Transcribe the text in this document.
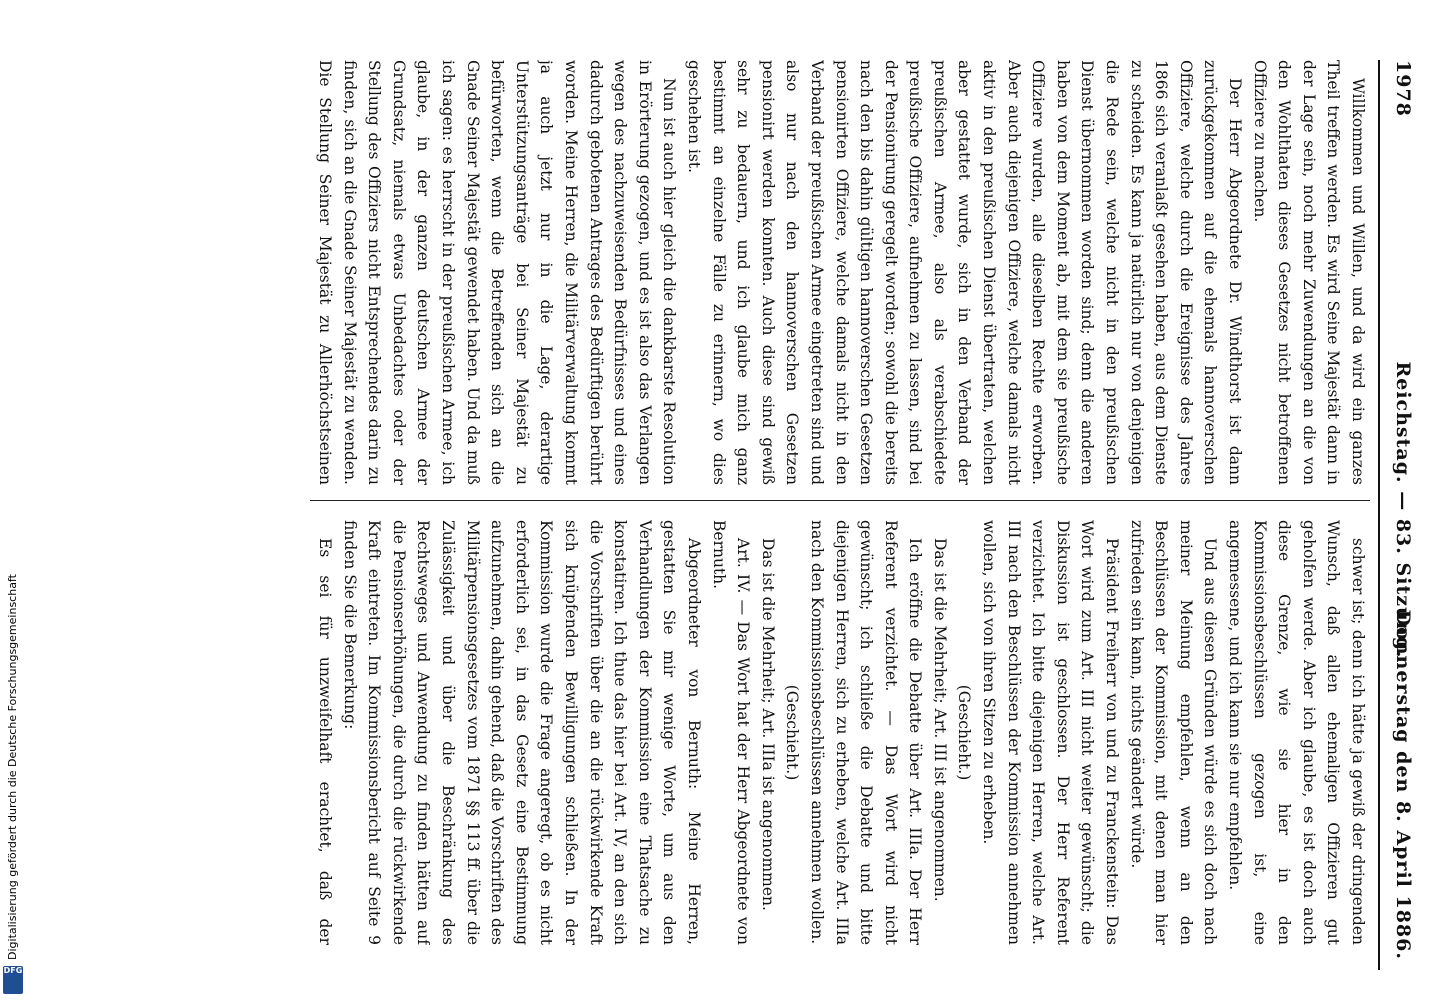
1978
Reichstag. — 83. Sitzung.
Donnerstag den 8. April 1886.

Willkommen und Willen, und da wird ein ganzes Theil treffen werden. Es wird Seine Majestät dann in der Lage sein, noch mehr Zuwendungen an die von den Wohlthaten dieses Gesetzes nicht betroffenen Offiziere zu machen.

Der Herr Abgeordnete Dr. Windthorst ist dann zurückgekommen auf die ehemals hannoverschen Offiziere, welche durch die Ereignisse des Jahres 1866 sich veranlaßt gesehen haben, aus dem Dienste zu scheiden. Es kann ja natürlich nur von denjenigen die Rede sein, welche nicht in den preußischen Dienst übernommen worden sind; denn die anderen haben von dem Moment ab, mit dem sie preußische Offiziere wurden, alle dieselben Rechte erworben. Aber auch diejenigen Offiziere, welche damals nicht aktiv in den preußischen Dienst übertraten, welchen aber gestattet wurde, sich in den Verband der preußischen Armee, also als verabschiedete preußische Offiziere, aufnehmen zu lassen, sind bei der Pensionirung geregelt worden; sowohl die bereits nach den bis dahin gültigen hannoverschen Gesetzen pensionirten Offiziere, welche damals nicht in den Verband der preußischen Armee eingetreten sind und also nur nach den hannoverschen Gesetzen pensionirt werden konnten. Auch diese sind gewiß sehr zu bedauern, und ich glaube mich ganz bestimmt an einzelne Fälle zu erinnern, wo dies geschehen ist.

Nun ist auch hier gleich die dankbarste Resolution in Erörterung gezogen, und es ist also das Verlangen wegen des nachzuweisenden Bedürfnisses und eines dadurch gebotenen Antrages des Bedürftigen berührt worden. Meine Herren, die Militärverwaltung kommt ja auch jetzt nur in die Lage, derartige Unterstützungsanträge bei Seiner Majestät zu befürworten, wenn die Betreffenden sich an die Gnade Seiner Majestät gewendet haben. Und da muß ich sagen: es herrscht in der preußischen Armee, ich glaube, in der ganzen deutschen Armee der Grundsatz, niemals etwas Unbedachtes oder der Stellung des Offiziers nicht Entsprechendes darin zu finden, sich an die Gnade Seiner Majestät zu wenden. Die Stellung Seiner Majestät zu Allerhöchstseinen

schwer ist; denn ich hätte ja gewiß der dringenden Wunsch, daß allen ehemaligen Offizieren gut geholfen werde. Aber ich glaube, es ist doch auch diese Grenze, wie sie hier in den Kommissionsbeschlüssen gezogen ist, eine angemessene, und ich kann sie nur empfehlen.

Und aus diesen Gründen würde es sich doch nach meiner Meinung empfehlen, wenn an den Beschlüssen der Kommission, mit denen man hier zufrieden sein kann, nichts geändert würde.

Präsident Freiherr von und zu Franckenstein: Das Wort wird zum Art. III nicht weiter gewünscht; die Diskussion ist geschlossen. Der Herr Referent verzichtet. Ich bitte diejenigen Herren, welche Art. III nach den Beschlüssen der Kommission annehmen wollen, sich von ihren Sitzen zu erheben.

(Geschieht.)

Das ist die Mehrheit; Art. III ist angenommen.

Ich eröffne die Debatte über Art. IIIa. Der Herr Referent verzichtet. — Das Wort wird nicht gewünscht; ich schließe die Debatte und bitte diejenigen Herren, sich zu erheben, welche Art. IIIa nach den Kommissionsbeschlüssen annehmen wollen.

(Geschieht.)

Das ist die Mehrheit; Art. IIIa ist angenommen.

Art. IV. — Das Wort hat der Herr Abgeordnete von Bernuth.

Abgeordneter von Bernuth: Meine Herren, gestatten Sie mir wenige Worte, um aus den Verhandlungen der Kommission eine Thatsache zu konstatiren. Ich thue das hier bei Art. IV, an den sich die Vorschriften über die an die rückwirkende Kraft sich knüpfenden Bewilligungen schließen. In der Kommission wurde die Frage angeregt, ob es nicht erforderlich sei, in das Gesetz eine Bestimmung aufzunehmen, dahin gehend, daß die Vorschriften des Militärpensionsgesetzes vom 1871 §§ 113 ff. über die Zulässigkeit und über die Beschränkung des Rechtsweges und Anwendung zu finden hätten auf die Pensionserhöhungen, die durch die rückwirkende Kraft eintreten. Im Kommissionsbericht auf Seite 9 finden Sie die Bemerkung:

Es sei für unzweifelhaft erachtet, daß der

Digitalisierung gefördert durch die Deutsche Forschungsgemeinschaft
DFG
